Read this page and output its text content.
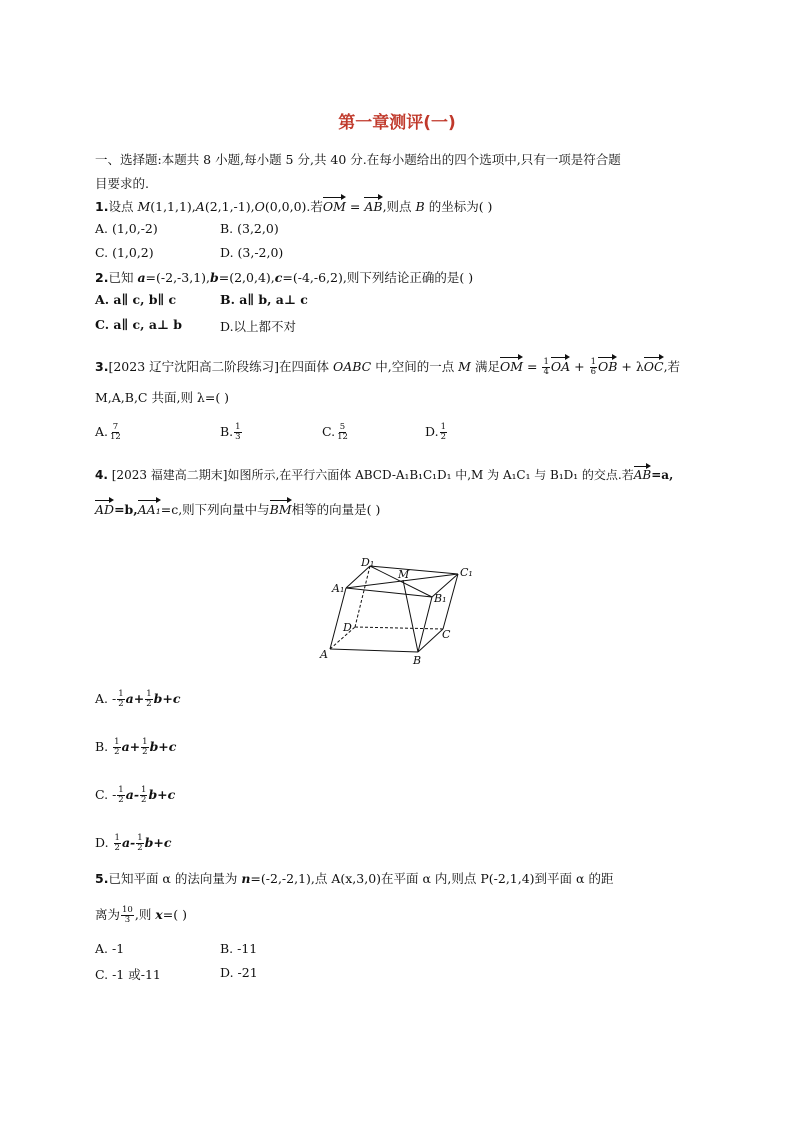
第一章测评(一)
一、选择题:本题共 8 小题,每小题 5 分,共 40 分.在每小题给出的四个选项中,只有一项是符合题
目要求的.
1.设点 M(1,1,1),A(2,1,-1),O(0,0,0).若OM = AB,则点 B 的坐标为( )
A. (1,0,-2)	B. (3,2,0)
C. (1,0,2)	D. (3,-2,0)
2.已知 a=(-2,-3,1),b=(2,0,4),c=(-4,-6,2),则下列结论正确的是( )
A. a∥ c, b∥ c	B. a∥ b, a⊥ c
C. a∥ c, a⊥ b	D.以上都不对
3.[2023 辽宁沈阳高二阶段练习]在四面体 OABC 中,空间的一点 M 满足OM = $\frac{1}{4}$ OA + $\frac{1}{6}$ OB + λOC,若
M,A,B,C 共面,则 λ=( )
A. $\frac{7}{12}$	B. $\frac{1}{3}$	C. $\frac{5}{12}$	D. $\frac{1}{2}$
4. [2023 福建高二期末]如图所示,在平行六面体 ABCD-A₁B₁C₁D₁ 中,M 为 A₁C₁ 与 B₁D₁ 的交点.若AB=a,
AD=b,AA₁=c,则下列向量中与BM相等的向量是( )
D₁
M	C₁
A₁
B₁
D
C
A	B
A. - $\frac{1}{2} a+ \frac{1}{2} b+c$
B. $\frac{1}{2} a+ \frac{1}{2} b+c$
C. - $\frac{1}{2} a- \frac{1}{2} b+c$
D. $\frac{1}{2} a- \frac{1}{2} b+c$
5.已知平面 α 的法向量为 n=(-2,-2,1),点 A(x,3,0)在平面 α 内,则点 P(-2,1,4)到平面 α 的距
离为 $\frac{10}{3}$ ,则 x=( )
A. -1	B. -11
C. -1 或-11	D. -21
